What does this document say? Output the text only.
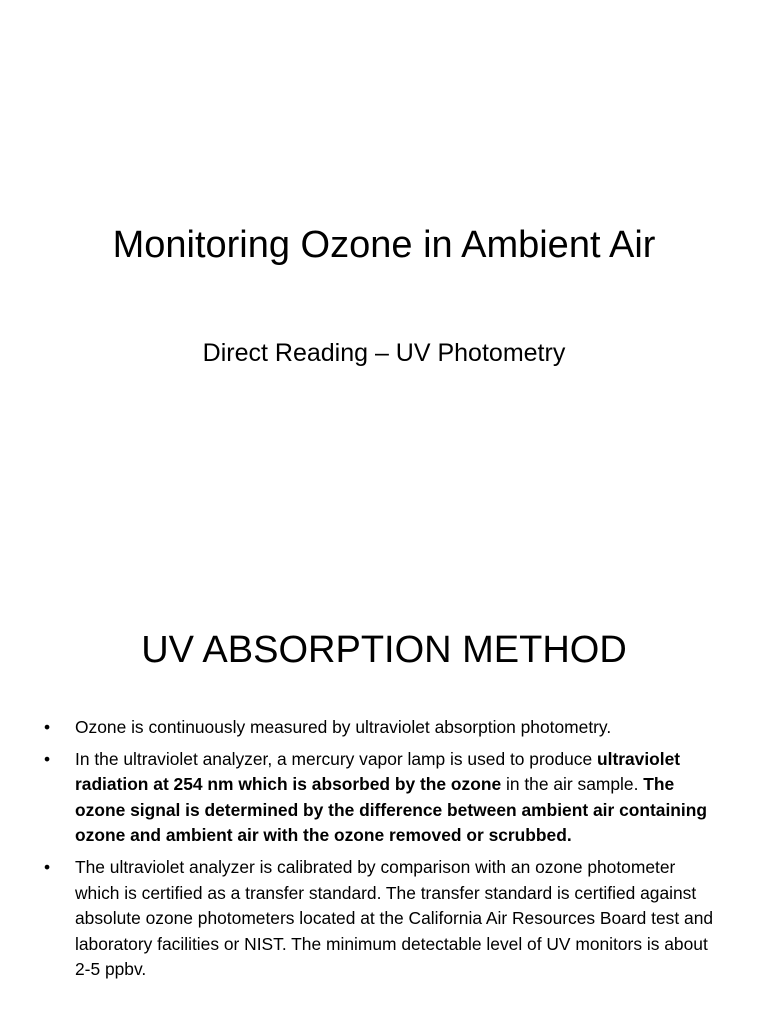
Monitoring Ozone in Ambient Air
Direct Reading – UV Photometry
UV ABSORPTION METHOD
•	Ozone is continuously measured by ultraviolet absorption photometry.
•	In the ultraviolet analyzer, a mercury vapor lamp is used to produce ultraviolet radiation at 254 nm which is absorbed by the ozone in the air sample. The ozone signal is determined by the difference between ambient air containing ozone and ambient air with the ozone removed or scrubbed.
•	The ultraviolet analyzer is calibrated by comparison with an ozone photometer which is certified as a transfer standard. The transfer standard is certified against absolute ozone photometers located at the California Air Resources Board test and laboratory facilities or NIST. The minimum detectable level of UV monitors is about 2-5 ppbv.
